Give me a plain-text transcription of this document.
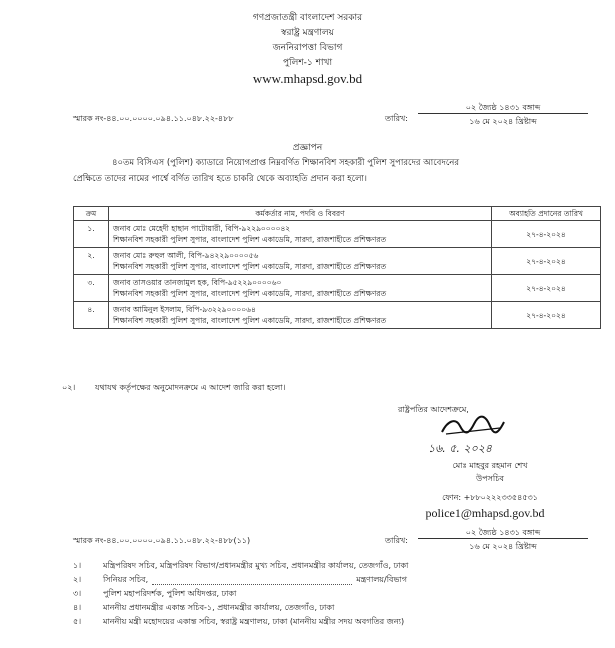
গণপ্রজাতন্ত্রী বাংলাদেশ সরকার
স্বরাষ্ট্র মন্ত্রণালয়
জননিরাপত্তা বিভাগ
পুলিশ-১ শাখা
www.mhapsd.gov.bd
স্মারক নং-৪৪.০০.০০০০.০৯৪.১১.০৪৮.২২-৪৮৮	তারিখ:
০২ জ্যৈষ্ঠ ১৪৩১ বঙ্গাব্দ
১৬ মে ২০২৪ খ্রিষ্টাব্দ
প্রজ্ঞাপন
৪০তম বিসিএস (পুলিশ) ক্যাডারে নিয়োগপ্রাপ্ত নিম্নবর্ণিত শিক্ষানবিশ সহকারী পুলিশ সুপারদের আবেদনের
প্রেক্ষিতে তাদের নামের পার্শ্বে বর্ণিত তারিখ হতে চাকরি থেকে অব্যাহতি প্রদান করা হলো।
ক্রম	কর্মকর্তার নাম, পদবি ও বিবরণ	অব্যাহতি প্রদানের তারিখ
১.	জনাব মোঃ মেহেদী হাছান পাটোয়ারী, বিপি-৯২২৯০০০০৪২
শিক্ষানবিশ সহকারী পুলিশ সুপার, বাংলাদেশ পুলিশ একাডেমি, সারদা, রাজশাহীতে প্রশিক্ষণরত	২৭-৪-২০২৪
২.	জনাব মোঃ রুহুল আলী, বিপি-৯৪২২৯০০০০৫৬
শিক্ষানবিশ সহকারী পুলিশ সুপার, বাংলাদেশ পুলিশ একাডেমি, সারদা, রাজশাহীতে প্রশিক্ষণরত	২৭-৪-২০২৪
৩.	জনাব তাসওয়ার তানজামুল হক, বিপি-৯৫২২৯০০০০৬০
শিক্ষানবিশ সহকারী পুলিশ সুপার, বাংলাদেশ পুলিশ একাডেমি, সারদা, রাজশাহীতে প্রশিক্ষণরত	২৭-৪-২০২৪
৪.	জনাব আমিনুল ইসলাম, বিপি-৯৩২২৯০০০০৬৪
শিক্ষানবিশ সহকারী পুলিশ সুপার, বাংলাদেশ পুলিশ একাডেমি, সারদা, রাজশাহীতে প্রশিক্ষণরত	২৭-৪-২০২৪
০২। যথাযথ কর্তৃপক্ষের অনুমোদনক্রমে এ আদেশ জারি করা হলো।
রাষ্ট্রপতির আদেশক্রমে,
১৬. ৫. ২০২৪
মোঃ মাহবুর রহমান শেখ
উপসচিব
ফোন: +৮৮০২২২৩৩৫৪৫৩১
police1@mhapsd.gov.bd
স্মারক নং-৪৪.০০.০০০০.০৯৪.১১.০৪৮.২২-৪৮৮(১১)	তারিখ:
০২ জ্যৈষ্ঠ ১৪৩১ বঙ্গাব্দ
১৬ মে ২০২৪ খ্রিষ্টাব্দ
১।	মন্ত্রিপরিষদ সচিব, মন্ত্রিপরিষদ বিভাগ/প্রধানমন্ত্রীর মুখ্য সচিব, প্রধানমন্ত্রীর কার্যালয়, তেজগাঁও, ঢাকা
২।	সিনিয়র সচিব,	মন্ত্রণালয়/বিভাগ
৩।	পুলিশ মহাপরিদর্শক, পুলিশ অধিদপ্তর, ঢাকা
৪।	মাননীয় প্রধানমন্ত্রীর একান্ত সচিব-১, প্রধানমন্ত্রীর কার্যালয়, তেজগাঁও, ঢাকা
৫।	মাননীয় মন্ত্রী মহোদয়ের একান্ত সচিব, স্বরাষ্ট্র মন্ত্রণালয়, ঢাকা (মাননীয় মন্ত্রীর সদয় অবগতির জন্য)
